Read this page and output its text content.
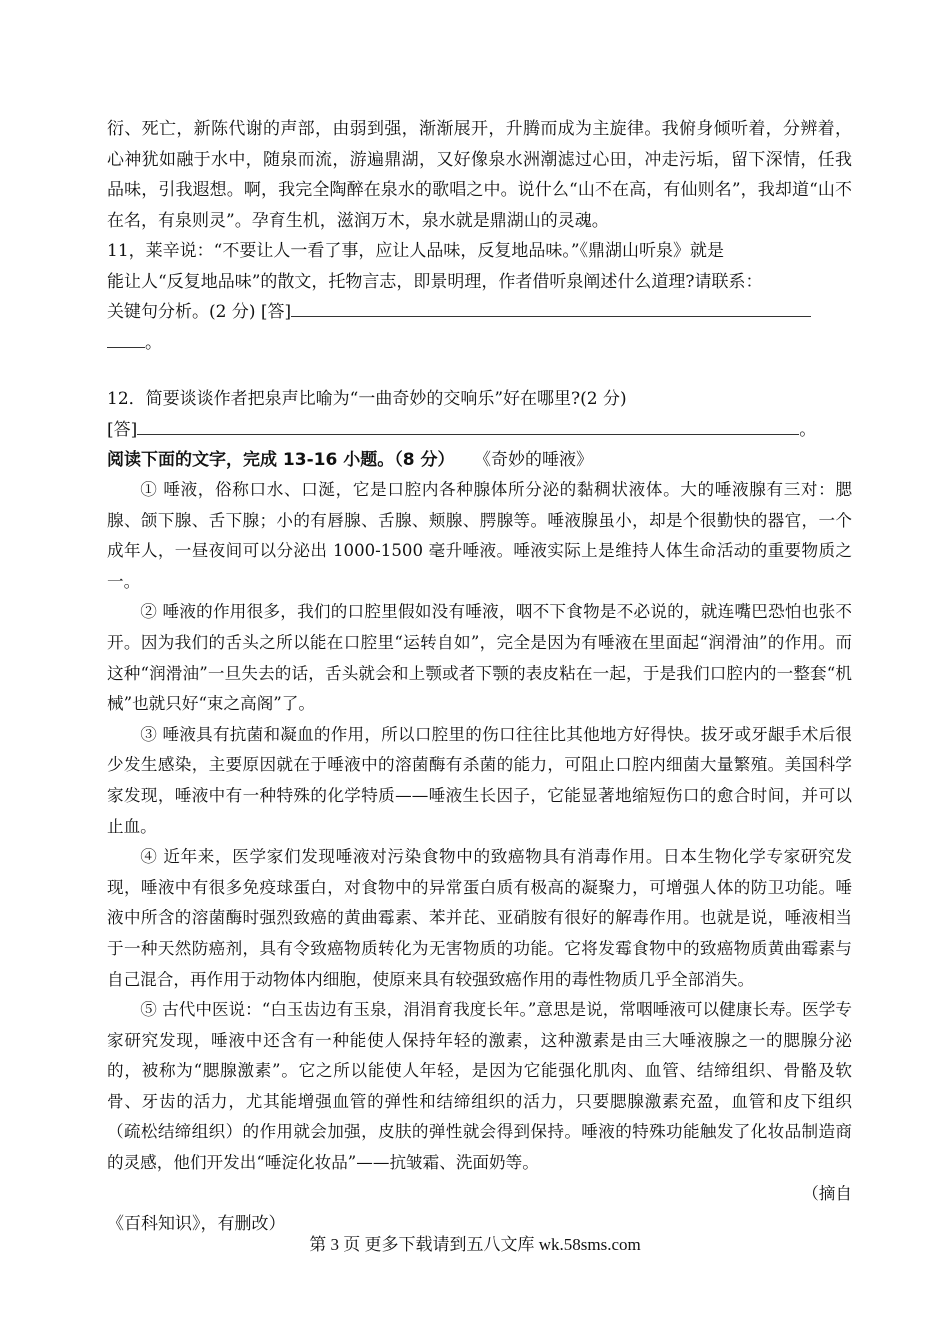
衍、死亡，新陈代谢的声部，由弱到强，渐渐展开，升腾而成为主旋律。我俯身倾听着，分辨着，心神犹如融于水中，随泉而流，游遍鼎湖，又好像泉水洲潮滤过心田，冲走污垢，留下深情，任我品味，引我遐想。啊，我完全陶醉在泉水的歌唱之中。说什么“山不在高，有仙则名”，我却道“山不在名，有泉则灵”。孕育生机，滋润万木，泉水就是鼎湖山的灵魂。

11，莱辛说：“不要让人一看了事，应让人品味，反复地品味。”《鼎湖山听泉》就是

能让人“反复地品味”的散文，托物言志，即景明理，作者借听泉阐述什么道理?请联系：

关键句分析。(2 分) [答]

。

12．简要谈谈作者把泉声比喻为“一曲奇妙的交响乐”好在哪里?(2 分)

[答]	。

阅读下面的文字，完成 13-16 小题。（8 分） 《奇妙的唾液》

① 唾液，俗称口水、口涎，它是口腔内各种腺体所分泌的黏稠状液体。大的唾液腺有三对：腮腺、颌下腺、舌下腺；小的有唇腺、舌腺、颊腺、腭腺等。唾液腺虽小，却是个很勤快的器官，一个成年人，一昼夜间可以分泌出 1000-1500 毫升唾液。唾液实际上是维持人体生命活动的重要物质之一。

② 唾液的作用很多，我们的口腔里假如没有唾液，咽不下食物是不必说的，就连嘴巴恐怕也张不开。因为我们的舌头之所以能在口腔里“运转自如”，完全是因为有唾液在里面起“润滑油”的作用。而这种“润滑油”一旦失去的话，舌头就会和上颚或者下颚的表皮粘在一起，于是我们口腔内的一整套“机械”也就只好“束之高阁”了。

③ 唾液具有抗菌和凝血的作用，所以口腔里的伤口往往比其他地方好得快。拔牙或牙龈手术后很少发生感染，主要原因就在于唾液中的溶菌酶有杀菌的能力，可阻止口腔内细菌大量繁殖。美国科学家发现，唾液中有一种特殊的化学特质——唾液生长因子，它能显著地缩短伤口的愈合时间，并可以止血。

④ 近年来，医学家们发现唾液对污染食物中的致癌物具有消毒作用。日本生物化学专家研究发现，唾液中有很多免疫球蛋白，对食物中的异常蛋白质有极高的凝聚力，可增强人体的防卫功能。唾液中所含的溶菌酶时强烈致癌的黄曲霉素、苯并芘、亚硝胺有很好的解毒作用。也就是说，唾液相当于一种天然防癌剂，具有令致癌物质转化为无害物质的功能。它将发霉食物中的致癌物质黄曲霉素与自己混合，再作用于动物体内细胞，使原来具有较强致癌作用的毒性物质几乎全部消失。

⑤ 古代中医说：“白玉齿边有玉泉，涓涓育我度长年。”意思是说，常咽唾液可以健康长寿。医学专家研究发现，唾液中还含有一种能使人保持年轻的激素，这种激素是由三大唾液腺之一的腮腺分泌的，被称为“腮腺激素”。它之所以能使人年轻，是因为它能强化肌肉、血管、结缔组织、骨骼及软骨、牙齿的活力，尤其能增强血管的弹性和结缔组织的活力，只要腮腺激素充盈，血管和皮下组织（疏松结缔组织）的作用就会加强，皮肤的弹性就会得到保持。唾液的特殊功能触发了化妆品制造商的灵感，他们开发出“唾淀化妆品”——抗皱霜、洗面奶等。

（摘自

《百科知识》，有删改）

第 3 页 更多下载请到五八文库 wk.58sms.com
